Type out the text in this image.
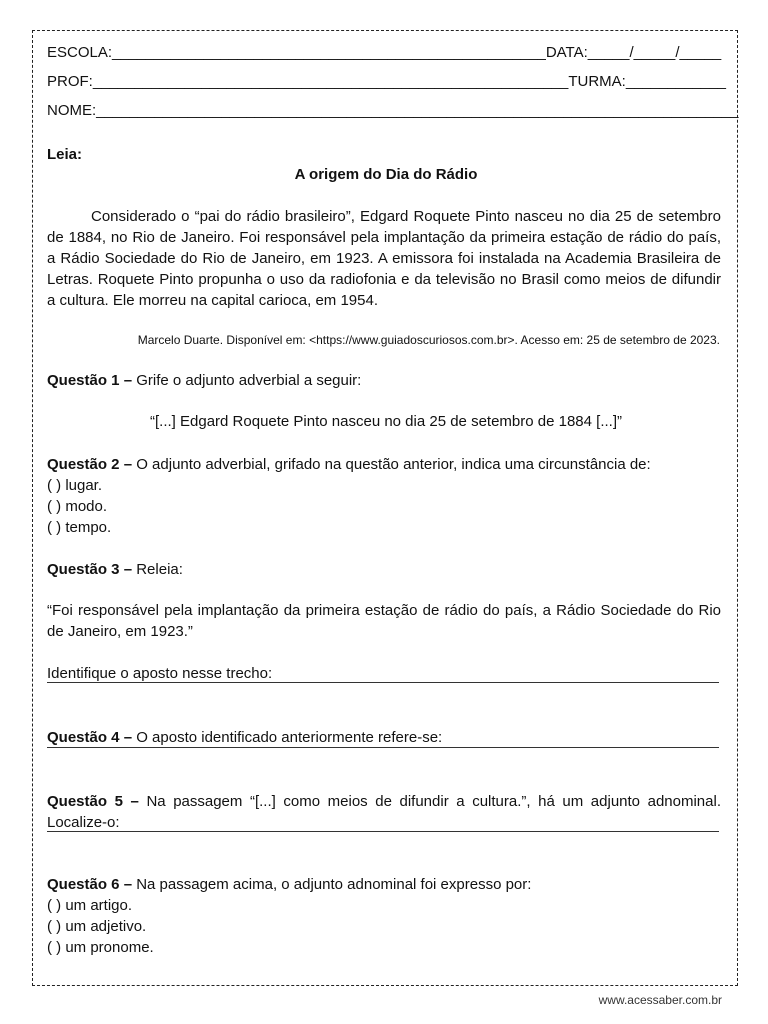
ESCOLA:____________________________________________________DATA:_____/_____/_____
PROF:_________________________________________________________TURMA:____________
NOME:_____________________________________________________________________________
Leia:
A origem do Dia do Rádio

Considerado o “pai do rádio brasileiro”, Edgard Roquete Pinto nasceu no dia 25 de setembro de 1884, no Rio de Janeiro. Foi responsável pela implantação da primeira estação de rádio do país, a Rádio Sociedade do Rio de Janeiro, em 1923. A emissora foi instalada na Academia Brasileira de Letras. Roquete Pinto propunha o uso da radiofonia e da televisão no Brasil como meios de difundir a cultura. Ele morreu na capital carioca, em 1954.

Marcelo Duarte. Disponível em: <https://www.guiadoscuriosos.com.br>. Acesso em: 25 de setembro de 2023.
Questão 1 – Grife o adjunto adverbial a seguir:
“[...] Edgard Roquete Pinto nasceu no dia 25 de setembro de 1884 [...]”
Questão 2 – O adjunto adverbial, grifado na questão anterior, indica uma circunstância de:
( ) lugar.
( ) modo.
( ) tempo.
Questão 3 – Releia:

“Foi responsável pela implantação da primeira estação de rádio do país, a Rádio Sociedade do Rio de Janeiro, em 1923.”

Identifique o aposto nesse trecho:
Questão 4 – O aposto identificado anteriormente refere-se:

Questão 5 – Na passagem “[...] como meios de difundir a cultura.”, há um adjunto adnominal. Localize-o:

Questão 6 – Na passagem acima, o adjunto adnominal foi expresso por:
( ) um artigo.
( ) um adjetivo.
( ) um pronome.
www.acessaber.com.br
